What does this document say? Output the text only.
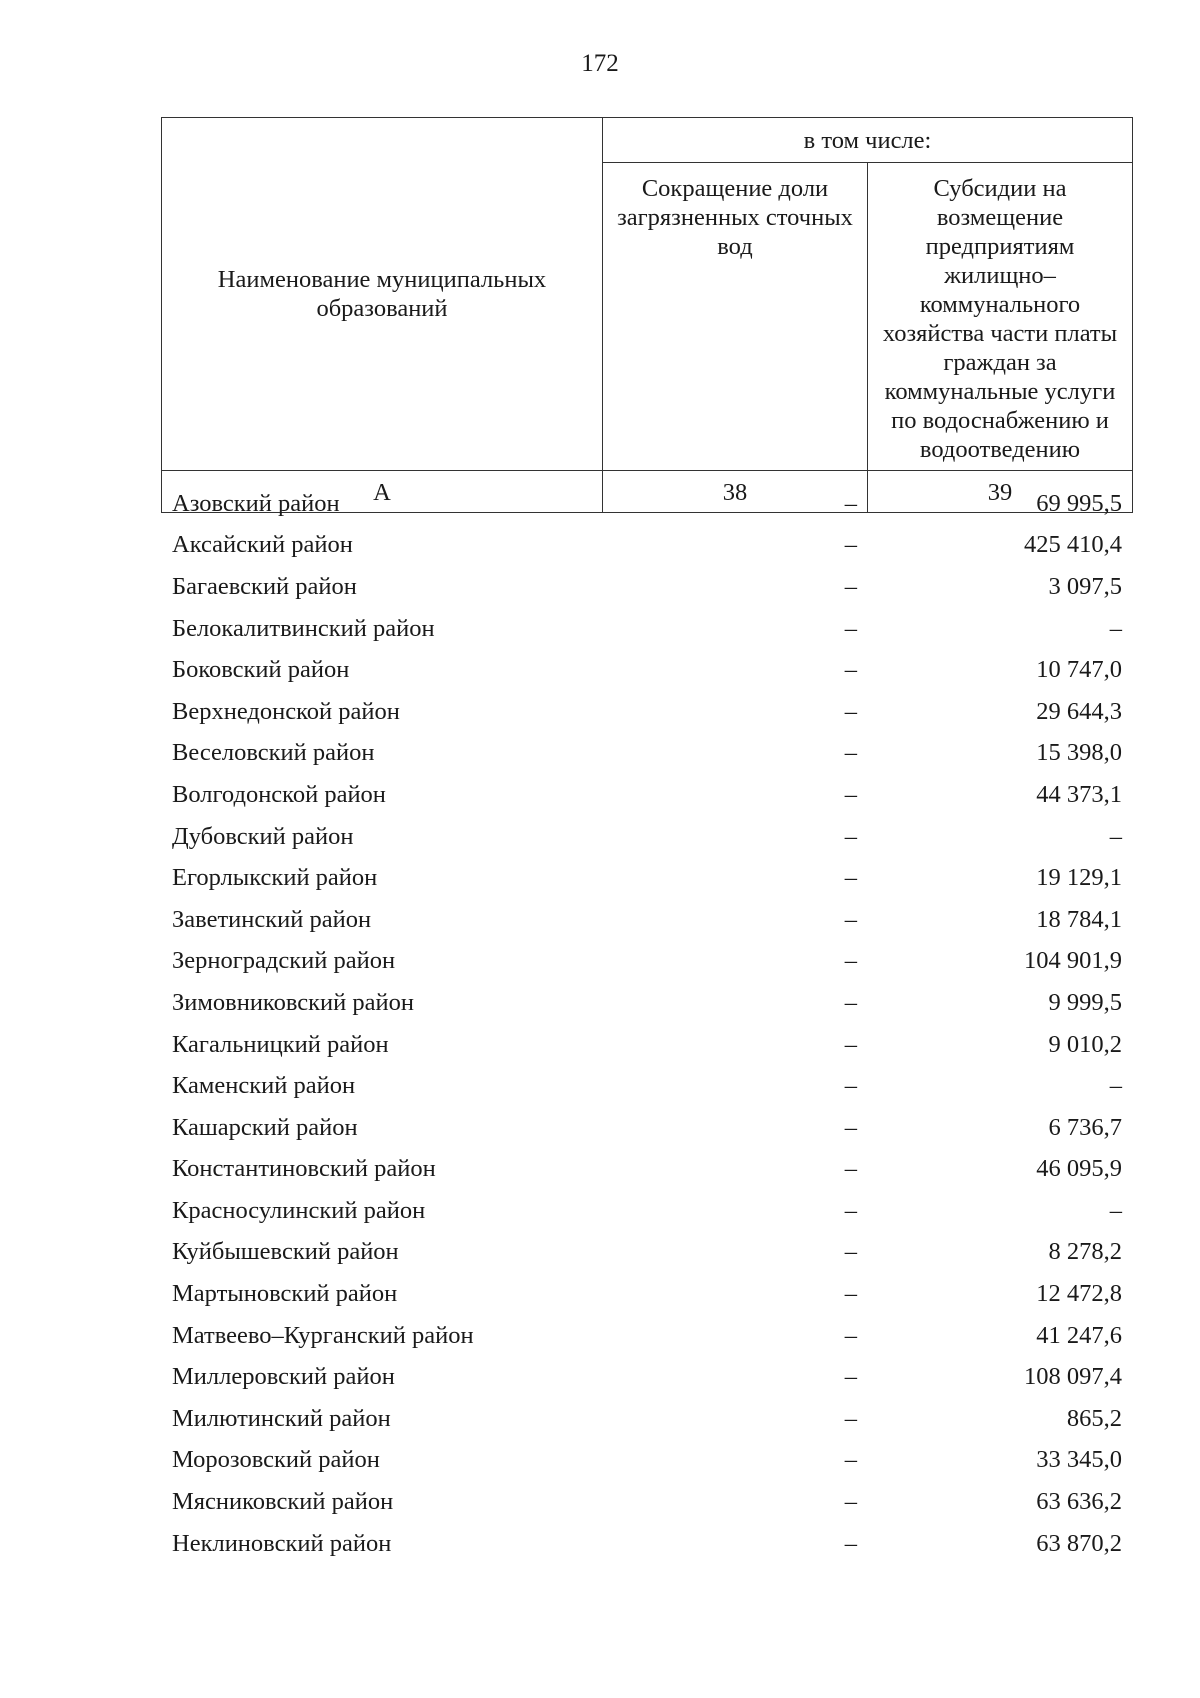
172
Наименование муниципальных образований	в том числе:	
	Сокращение доли загрязненных сточных вод	Субсидии на возмещение предприятиям жилищно–коммунального хозяйства части платы граждан за коммунальные услуги по водоснабжению и водоотведению
А	38	39
Азовский район	–	69 995,5
Аксайский район	–	425 410,4
Багаевский район	–	3 097,5
Белокалитвинский район	–	–
Боковский район	–	10 747,0
Верхнедонской район	–	29 644,3
Веселовский район	–	15 398,0
Волгодонской район	–	44 373,1
Дубовский район	–	–
Егорлыкский район	–	19 129,1
Заветинский район	–	18 784,1
Зерноградский район	–	104 901,9
Зимовниковский район	–	9 999,5
Кагальницкий район	–	9 010,2
Каменский район	–	–
Кашарский район	–	6 736,7
Константиновский район	–	46 095,9
Красносулинский район	–	–
Куйбышевский район	–	8 278,2
Мартыновский район	–	12 472,8
Матвеево–Курганский район	–	41 247,6
Миллеровский район	–	108 097,4
Милютинский район	–	865,2
Морозовский район	–	33 345,0
Мясниковский район	–	63 636,2
Неклиновский район	–	63 870,2
